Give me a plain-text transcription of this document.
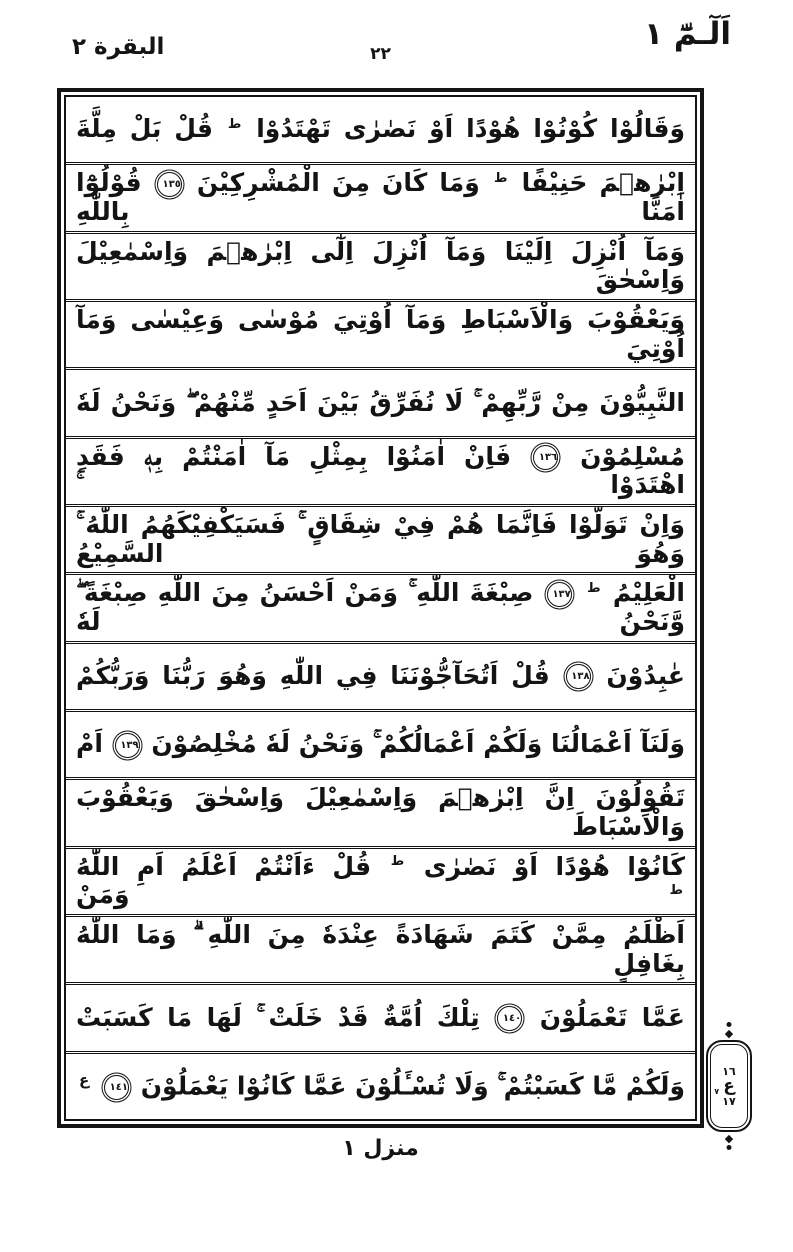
البقرة ٢	٢٢
اَلٓـمّٓ ١
وَقَالُوْا كُوْنُوْا هُوْدًا اَوْ نَصٰرٰى تَهْتَدُوْا $^ط$ قُلْ بَلْ مِلَّةَ
اِبْرٰهٖمَ حَنِيْفًا $^ط$ وَمَا كَانَ مِنَ الْمُشْرِكِيْنَ ١٣٥ قُوْلُوْٓا اٰمَنَّا بِاللّٰهِ
وَمَآ اُنْزِلَ اِلَيْنَا وَمَآ اُنْزِلَ اِلٰٓى اِبْرٰهٖمَ وَاِسْمٰعِيْلَ وَاِسْحٰقَ
وَيَعْقُوْبَ وَالْاَسْبَاطِ وَمَآ اُوْتِيَ مُوْسٰى وَعِيْسٰى وَمَآ اُوْتِيَ
النَّبِيُّوْنَ مِنْ رَّبِّهِمْ ۚ لَا نُفَرِّقُ بَيْنَ اَحَدٍ مِّنْهُمْ ۖ وَنَحْنُ لَهٗ
مُسْلِمُوْنَ ١٣٦ فَاِنْ اٰمَنُوْا بِمِثْلِ مَآ اٰمَنْتُمْ بِهٖ فَقَدِ اهْتَدَوْا ۚ
وَاِنْ تَوَلَّوْا فَاِنَّمَا هُمْ فِيْ شِقَاقٍ ۚ فَسَيَكْفِيْكَهُمُ اللّٰهُ ۚ وَهُوَ السَّمِيْعُ
الْعَلِيْمُ $^ط$ ١٣٧ صِبْغَةَ اللّٰهِ ۚ وَمَنْ اَحْسَنُ مِنَ اللّٰهِ صِبْغَةً ۖ وَّنَحْنُ لَهٗ
عٰبِدُوْنَ ١٣٨ قُلْ اَتُحَآجُّوْنَنَا فِي اللّٰهِ وَهُوَ رَبُّنَا وَرَبُّكُمْ
وَلَنَآ اَعْمَالُنَا وَلَكُمْ اَعْمَالُكُمْ ۚ وَنَحْنُ لَهٗ مُخْلِصُوْنَ ١٣٩ اَمْ
تَقُوْلُوْنَ اِنَّ اِبْرٰهٖمَ وَاِسْمٰعِيْلَ وَاِسْحٰقَ وَيَعْقُوْبَ وَالْاَسْبَاطَ
كَانُوْا هُوْدًا اَوْ نَصٰرٰى $^ط$ قُلْ ءَاَنْتُمْ اَعْلَمُ اَمِ اللّٰهُ $^ط$ وَمَنْ
اَظْلَمُ مِمَّنْ كَتَمَ شَهَادَةً عِنْدَهٗ مِنَ اللّٰهِ ۗ وَمَا اللّٰهُ بِغَافِلٍ
عَمَّا تَعْمَلُوْنَ ١٤٠ تِلْكَ اُمَّةٌ قَدْ خَلَتْ ۚ لَهَا مَا كَسَبَتْ
وَلَكُمْ مَّا كَسَبْتُمْ ۚ وَلَا تُسْـَٔلُوْنَ عَمَّا كَانُوْا يَعْمَلُوْنَ ١٤١ $^ع$
◆
١٦
ع
٧
١٧
◆
منزل ١
